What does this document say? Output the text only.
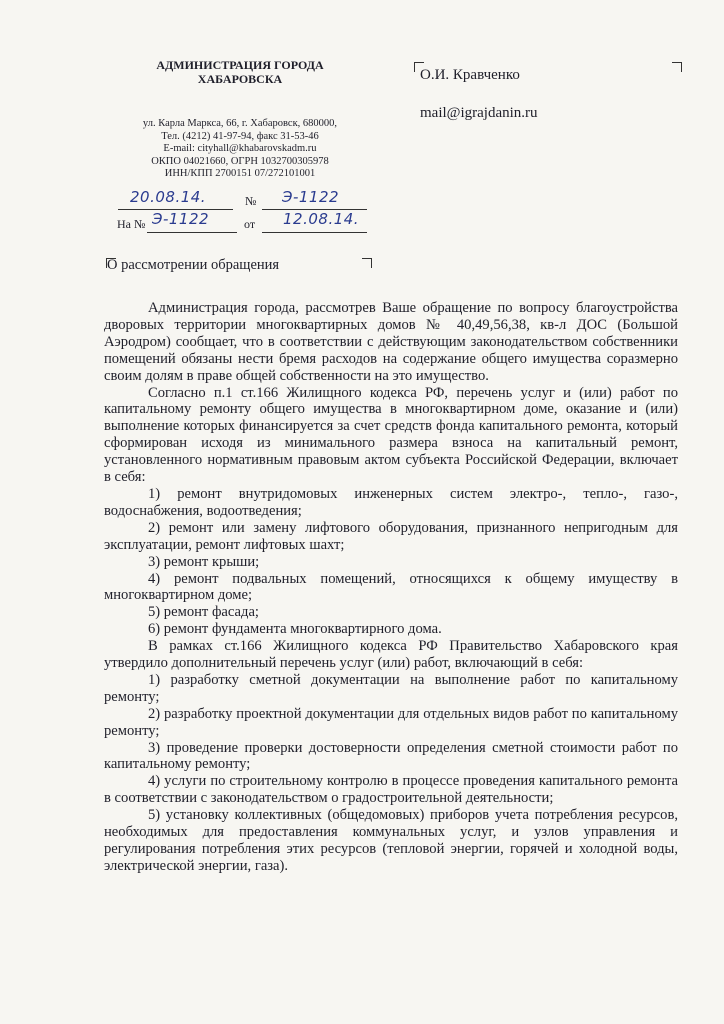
АДМИНИСТРАЦИЯ ГОРОДА
ХАБАРОВСКА
ул. Карла Маркса, 66, г. Хабаровск, 680000,
Тел. (4212) 41-97-94, факс 31-53-46
E-mail: cityhall@khabarovskadm.ru
ОКПО 04021660, ОГРН 1032700305978
ИНН/КПП 2700151 07/272101001
О.И. Кравченко
mail@igrajdanin.ru
20.08.14.	№ Э-1122
На № Э-1122	от 12.08.14.
О рассмотрении обращения

Администрация города, рассмотрев Ваше обращение по вопросу благоустройства дворовых территории многоквартирных домов № 40,49,56,38, кв-л ДОС (Большой Аэродром) сообщает, что в соответствии с действующим законодательством собственники помещений обязаны нести бремя расходов на содержание общего имущества соразмерно своим долям в праве общей собственности на это имущество.

Согласно п.1 ст.166 Жилищного кодекса РФ, перечень услуг и (или) работ по капитальному ремонту общего имущества в многоквартирном доме, оказание и (или) выполнение которых финансируется за счет средств фонда капитального ремонта, который сформирован исходя из минимального размера взноса на капитальный ремонт, установленного нормативным правовым актом субъекта Российской Федерации, включает в себя:

1) ремонт внутридомовых инженерных систем электро-, тепло-, газо-, водоснабжения, водоотведения;

2) ремонт или замену лифтового оборудования, признанного непригодным для эксплуатации, ремонт лифтовых шахт;

3) ремонт крыши;

4) ремонт подвальных помещений, относящихся к общему имуществу в многоквартирном доме;

5) ремонт фасада;

6) ремонт фундамента многоквартирного дома.

В рамках ст.166 Жилищного кодекса РФ Правительство Хабаровского края утвердило дополнительный перечень услуг (или) работ, включающий в себя:

1) разработку сметной документации на выполнение работ по капитальному ремонту;

2) разработку проектной документации для отдельных видов работ по капитальному ремонту;

3) проведение проверки достоверности определения сметной стоимости работ по капитальному ремонту;

4) услуги по строительному контролю в процессе проведения капитального ремонта в соответствии с законодательством о градостроительной деятельности;

5) установку коллективных (общедомовых) приборов учета потребления ресурсов, необходимых для предоставления коммунальных услуг, и узлов управления и регулирования потребления этих ресурсов (тепловой энергии, горячей и холодной воды, электрической энергии, газа).
